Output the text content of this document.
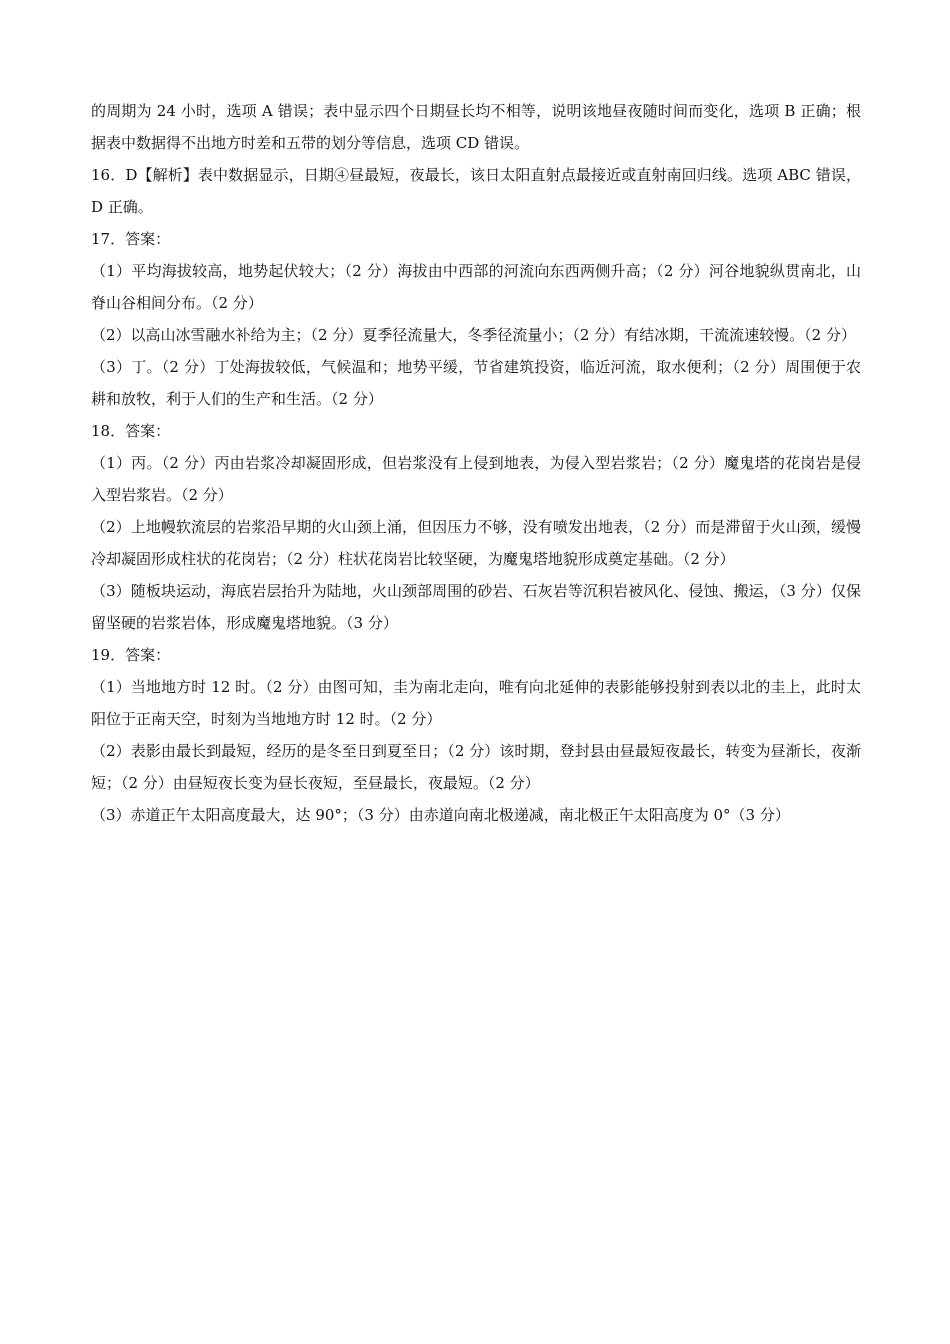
的周期为 24 小时，选项 A 错误；表中显示四个日期昼长均不相等，说明该地昼夜随时间而变化，选项 B 正确；根据表中数据得不出地方时差和五带的划分等信息，选项 CD 错误。

16．D【解析】表中数据显示，日期④昼最短，夜最长，该日太阳直射点最接近或直射南回归线。选项 ABC 错误，D 正确。

17．答案：

（1）平均海拔较高，地势起伏较大；（2 分）海拔由中西部的河流向东西两侧升高；（2 分）河谷地貌纵贯南北，山脊山谷相间分布。（2 分）

（2）以高山冰雪融水补给为主；（2 分）夏季径流量大，冬季径流量小；（2 分）有结冰期，干流流速较慢。（2 分）

（3）丁。（2 分）丁处海拔较低，气候温和；地势平缓，节省建筑投资，临近河流，取水便利；（2 分）周围便于农耕和放牧，利于人们的生产和生活。（2 分）

18．答案：

（1）丙。（2 分）丙由岩浆冷却凝固形成，但岩浆没有上侵到地表，为侵入型岩浆岩；（2 分）魔鬼塔的花岗岩是侵入型岩浆岩。（2 分）

（2）上地幔软流层的岩浆沿早期的火山颈上涌，但因压力不够，没有喷发出地表，（2 分）而是滞留于火山颈，缓慢冷却凝固形成柱状的花岗岩；（2 分）柱状花岗岩比较坚硬，为魔鬼塔地貌形成奠定基础。（2 分）

（3）随板块运动，海底岩层抬升为陆地，火山颈部周围的砂岩、石灰岩等沉积岩被风化、侵蚀、搬运，（3 分）仅保留坚硬的岩浆岩体，形成魔鬼塔地貌。（3 分）

19．答案：

（1）当地地方时 12 时。（2 分）由图可知，圭为南北走向，唯有向北延伸的表影能够投射到表以北的圭上，此时太阳位于正南天空，时刻为当地地方时 12 时。（2 分）

（2）表影由最长到最短，经历的是冬至日到夏至日；（2 分）该时期，登封县由昼最短夜最长，转变为昼渐长，夜渐短；（2 分）由昼短夜长变为昼长夜短，至昼最长，夜最短。（2 分）

（3）赤道正午太阳高度最大，达 90°；（3 分）由赤道向南北极递减，南北极正午太阳高度为 0°（3 分）
